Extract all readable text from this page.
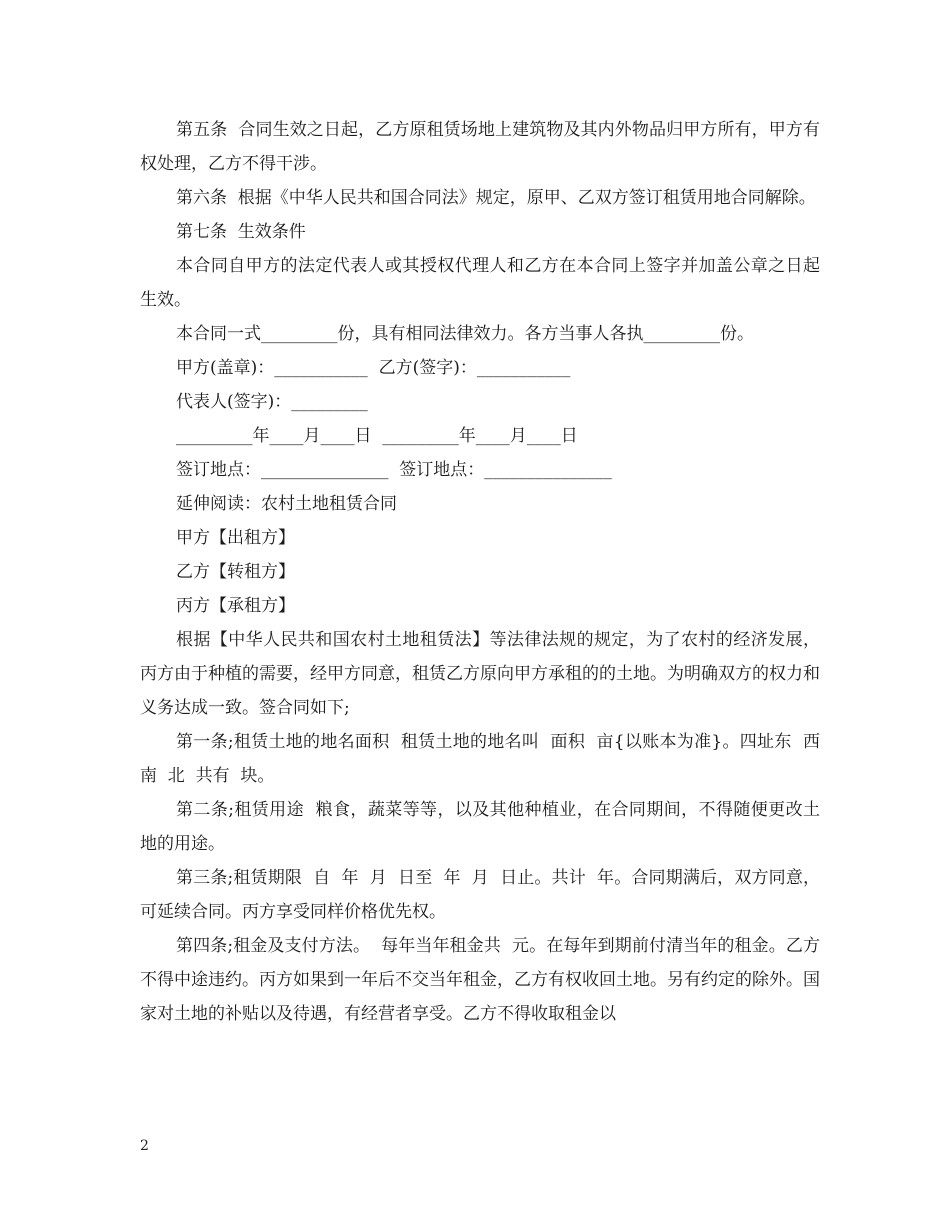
第五条  合同生效之日起，乙方原租赁场地上建筑物及其内外物品归甲方所有，甲方有权处理，乙方不得干涉。

第六条  根据《中华人民共和国合同法》规定，原甲、乙双方签订租赁用地合同解除。

第七条  生效条件

本合同自甲方的法定代表人或其授权代理人和乙方在本合同上签字并加盖公章之日起生效。

本合同一式_________份，具有相同法律效力。各方当事人各执_________份。

甲方(盖章)：___________  乙方(签字)：___________

代表人(签字)：_________

_________年____月____日  _________年____月____日

签订地点：_______________  签订地点：_______________

延伸阅读：农村土地租赁合同

甲方【出租方】

乙方【转租方】

丙方【承租方】

根据【中华人民共和国农村土地租赁法】等法律法规的规定，为了农村的经济发展，丙方由于种植的需要，经甲方同意，租赁乙方原向甲方承租的的土地。为明确双方的权力和义务达成一致。签合同如下;

第一条;租赁土地的地名面积  租赁土地的地名叫  面积  亩{以账本为准}。四址东  西  南  北  共有  块。

第二条;租赁用途  粮食，蔬菜等等，以及其他种植业，在合同期间，不得随便更改土地的用途。

第三条;租赁期限  自  年  月  日至  年  月  日止。共计  年。合同期满后，双方同意，可延续合同。丙方享受同样价格优先权。

第四条;租金及支付方法。  每年当年租金共  元。在每年到期前付清当年的租金。乙方不得中途违约。丙方如果到一年后不交当年租金，乙方有权收回土地。另有约定的除外。国家对土地的补贴以及待遇，有经营者享受。乙方不得收取租金以

2
